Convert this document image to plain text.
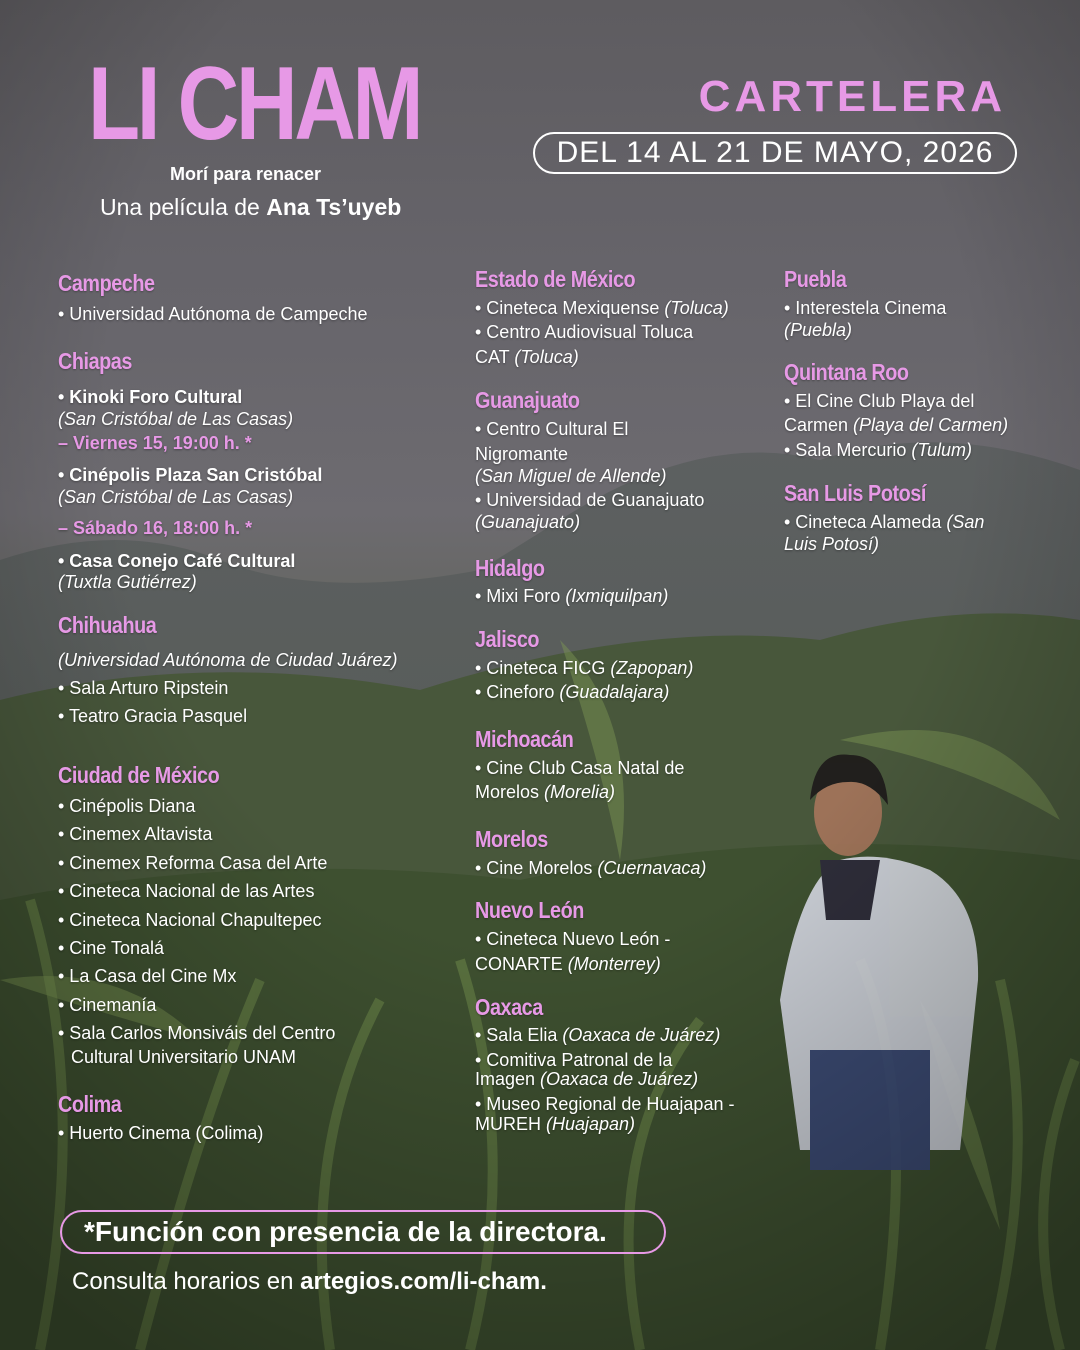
LI CHAM
Morí para renacer
Una película de Ana Ts’uyeb
CARTELERA
DEL 14 AL 21 DE MAYO, 2026
Campeche
• Universidad Autónoma de Campeche
Chiapas
• Kinoki Foro Cultural
(San Cristóbal de Las Casas)
– Viernes 15, 19:00 h. *
• Cinépolis Plaza San Cristóbal
(San Cristóbal de Las Casas)
– Sábado 16, 18:00 h. *
• Casa Conejo Café Cultural
(Tuxtla Gutiérrez)
Chihuahua
(Universidad Autónoma de Ciudad Juárez)
• Sala Arturo Ripstein
• Teatro Gracia Pasquel
Ciudad de México
• Cinépolis Diana
• Cinemex Altavista
• Cinemex Reforma Casa del Arte
• Cineteca Nacional de las Artes
• Cineteca Nacional Chapultepec
• Cine Tonalá
• La Casa del Cine Mx
• Cinemanía
• Sala Carlos Monsiváis del Centro
Cultural Universitario UNAM
Colima
• Huerto Cinema (Colima)
Estado de México
• Cineteca Mexiquense (Toluca)
• Centro Audiovisual Toluca
CAT (Toluca)
Guanajuato
• Centro Cultural El
Nigromante
(San Miguel de Allende)
• Universidad de Guanajuato
(Guanajuato)
Hidalgo
• Mixi Foro (Ixmiquilpan)
Jalisco
• Cineteca FICG (Zapopan)
• Cineforo (Guadalajara)
Michoacán
• Cine Club Casa Natal de
Morelos (Morelia)
Morelos
• Cine Morelos (Cuernavaca)
Nuevo León
• Cineteca Nuevo León -
CONARTE (Monterrey)
Oaxaca
• Sala Elia (Oaxaca de Juárez)
• Comitiva Patronal de la
Imagen (Oaxaca de Juárez)
• Museo Regional de Huajapan -
MUREH (Huajapan)
Puebla
• Interestela Cinema
(Puebla)
Quintana Roo
• El Cine Club Playa del
Carmen (Playa del Carmen)
• Sala Mercurio (Tulum)
San Luis Potosí
• Cineteca Alameda (San
Luis Potosí)
*Función con presencia de la directora.
Consulta horarios en artegios.com/li-cham.
